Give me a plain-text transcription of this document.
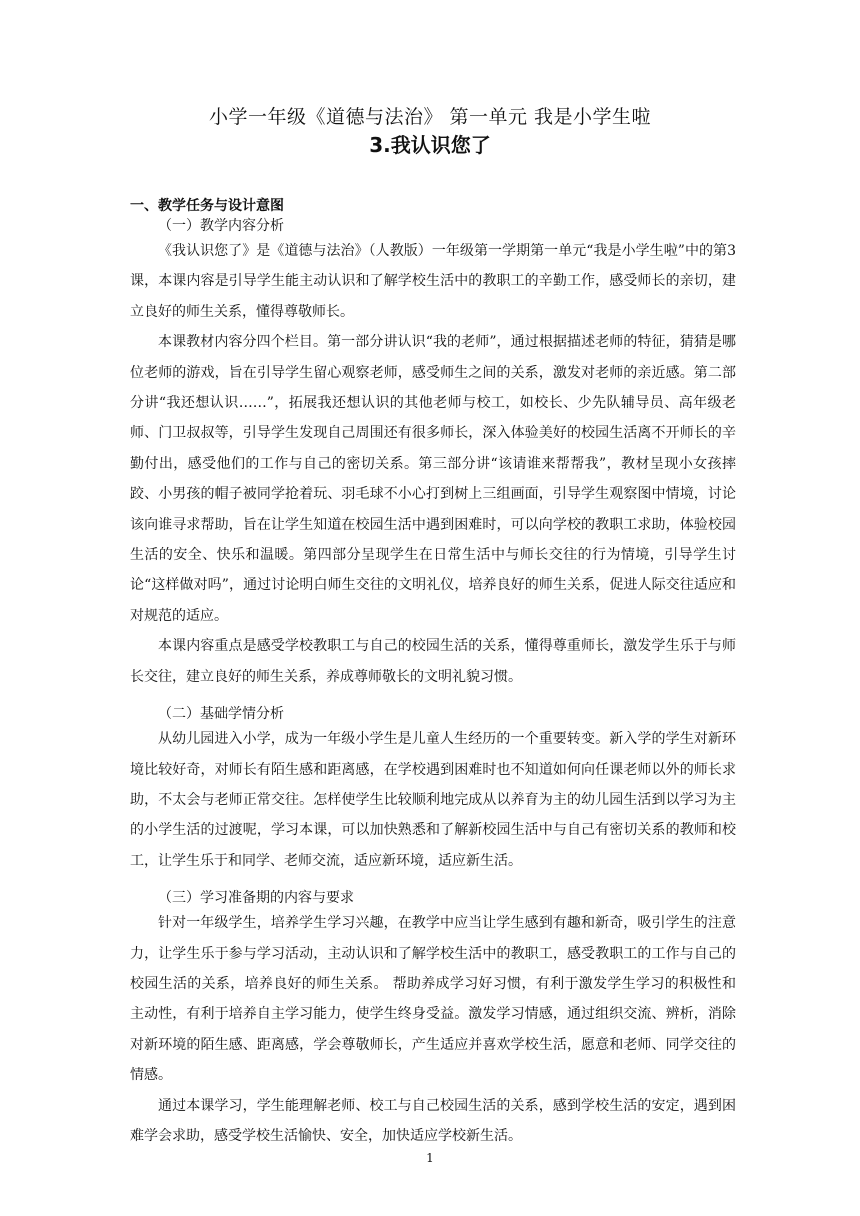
小学一年级《道德与法治》 第一单元 我是小学生啦
3.我认识您了

一、教学任务与设计意图

（一）教学内容分析

《我认识您了》是《道德与法治》（人教版）一年级第一学期第一单元“我是小学生啦”中的第3课，本课内容是引导学生能主动认识和了解学校生活中的教职工的辛勤工作，感受师长的亲切，建立良好的师生关系，懂得尊敬师长。

本课教材内容分四个栏目。第一部分讲认识“我的老师”，通过根据描述老师的特征，猜猜是哪位老师的游戏，旨在引导学生留心观察老师，感受师生之间的关系，激发对老师的亲近感。第二部分讲“我还想认识……”，拓展我还想认识的其他老师与校工，如校长、少先队辅导员、高年级老师、门卫叔叔等，引导学生发现自己周围还有很多师长，深入体验美好的校园生活离不开师长的辛勤付出，感受他们的工作与自己的密切关系。第三部分讲“该请谁来帮帮我”，教材呈现小女孩摔跤、小男孩的帽子被同学抢着玩、羽毛球不小心打到树上三组画面，引导学生观察图中情境，讨论该向谁寻求帮助，旨在让学生知道在校园生活中遇到困难时，可以向学校的教职工求助，体验校园生活的安全、快乐和温暖。第四部分呈现学生在日常生活中与师长交往的行为情境，引导学生讨论“这样做对吗”，通过讨论明白师生交往的文明礼仪，培养良好的师生关系，促进人际交往适应和对规范的适应。

本课内容重点是感受学校教职工与自己的校园生活的关系，懂得尊重师长，激发学生乐于与师长交往，建立良好的师生关系，养成尊师敬长的文明礼貌习惯。

（二）基础学情分析

从幼儿园进入小学，成为一年级小学生是儿童人生经历的一个重要转变。新入学的学生对新环境比较好奇，对师长有陌生感和距离感，在学校遇到困难时也不知道如何向任课老师以外的师长求助，不太会与老师正常交往。怎样使学生比较顺利地完成从以养育为主的幼儿园生活到以学习为主的小学生活的过渡呢，学习本课，可以加快熟悉和了解新校园生活中与自己有密切关系的教师和校工，让学生乐于和同学、老师交流，适应新环境，适应新生活。

（三）学习准备期的内容与要求

针对一年级学生，培养学生学习兴趣，在教学中应当让学生感到有趣和新奇，吸引学生的注意力，让学生乐于参与学习活动，主动认识和了解学校生活中的教职工，感受教职工的工作与自己的校园生活的关系，培养良好的师生关系。 帮助养成学习好习惯，有利于激发学生学习的积极性和主动性，有利于培养自主学习能力，使学生终身受益。激发学习情感，通过组织交流、辨析，消除对新环境的陌生感、距离感，学会尊敬师长，产生适应并喜欢学校生活，愿意和老师、同学交往的情感。

通过本课学习，学生能理解老师、校工与自己校园生活的关系，感到学校生活的安定，遇到困难学会求助，感受学校生活愉快、安全，加快适应学校新生活。

1
